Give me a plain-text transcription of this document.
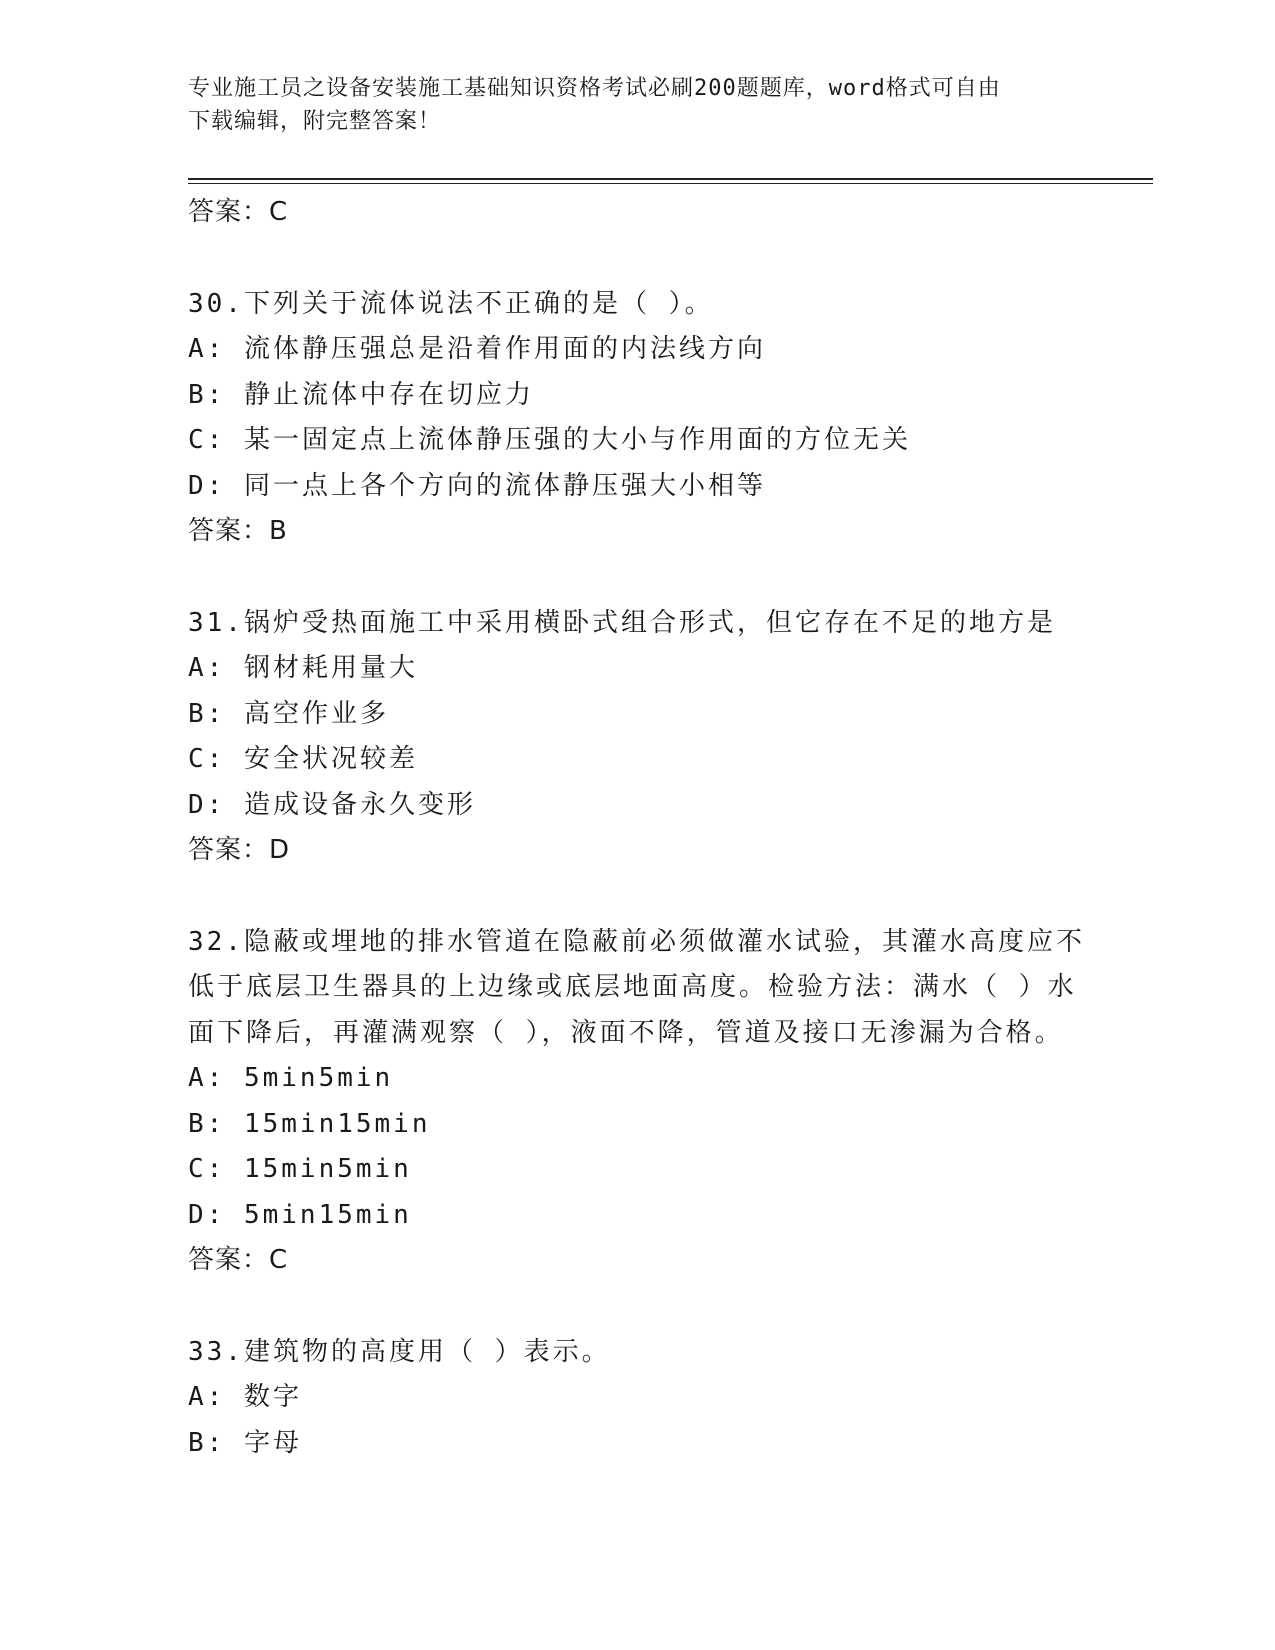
专业施工员之设备安装施工基础知识资格考试必刷200题题库，word格式可自由
下载编辑，附完整答案！
答案：C
30.下列关于流体说法不正确的是（ ）。
A: 流体静压强总是沿着作用面的内法线方向
B: 静止流体中存在切应力
C: 某一固定点上流体静压强的大小与作用面的方位无关
D: 同一点上各个方向的流体静压强大小相等
答案：B
31.锅炉受热面施工中采用横卧式组合形式，但它存在不足的地方是
A: 钢材耗用量大
B: 高空作业多
C: 安全状况较差
D: 造成设备永久变形
答案：D
32.隐蔽或埋地的排水管道在隐蔽前必须做灌水试验，其灌水高度应不
低于底层卫生器具的上边缘或底层地面高度。检验方法：满水（ ）水
面下降后，再灌满观察（ ），液面不降，管道及接口无渗漏为合格。
A: 5min5min
B: 15min15min
C: 15min5min
D: 5min15min
答案：C
33.建筑物的高度用（ ）表示。
A: 数字
B: 字母
